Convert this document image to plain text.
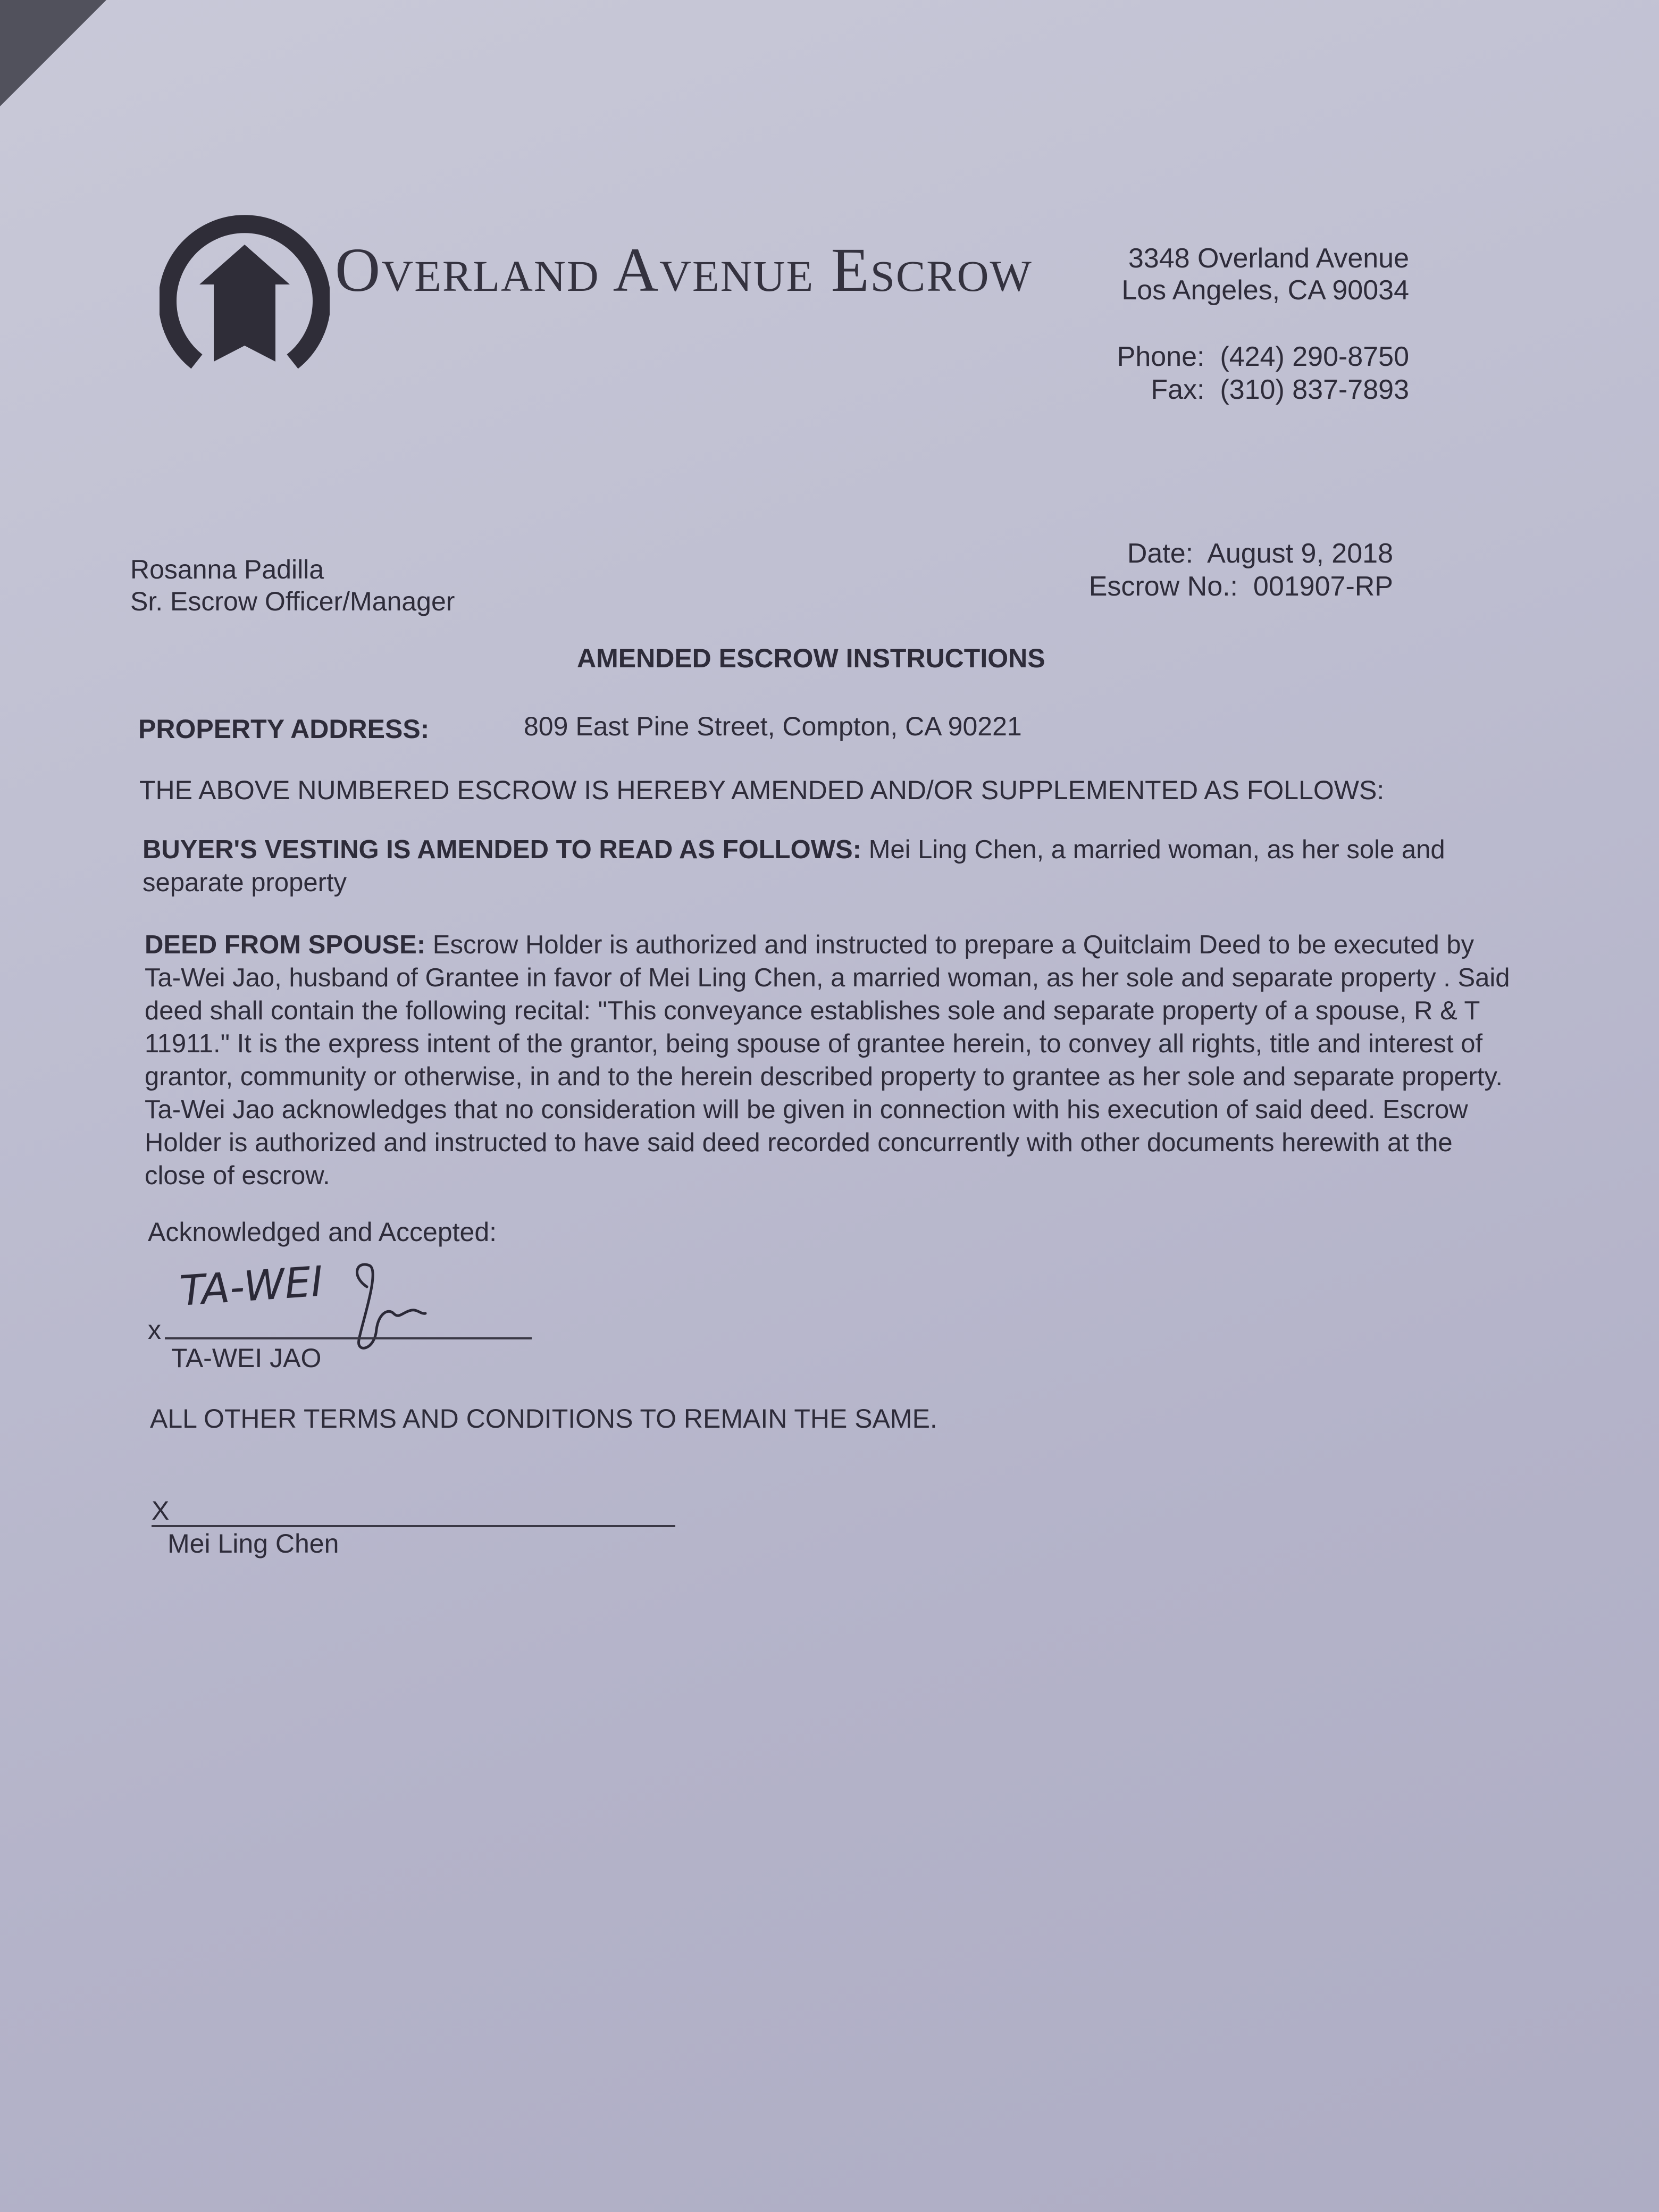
Overland Avenue Escrow	3348 Overland Avenue
Los Angeles, CA 90034
Phone: (424) 290-8750
Fax: (310) 837-7893
Rosanna Padilla
Sr. Escrow Officer/Manager
Date: August 9, 2018
Escrow No.: 001907-RP
AMENDED ESCROW INSTRUCTIONS
PROPERTY ADDRESS:	809 East Pine Street, Compton, CA 90221
THE ABOVE NUMBERED ESCROW IS HEREBY AMENDED AND/OR SUPPLEMENTED AS FOLLOWS:
BUYER'S VESTING IS AMENDED TO READ AS FOLLOWS: Mei Ling Chen, a married woman, as her sole and separate property
DEED FROM SPOUSE: Escrow Holder is authorized and instructed to prepare a Quitclaim Deed to be executed by Ta-Wei Jao, husband of Grantee in favor of Mei Ling Chen, a married woman, as her sole and separate property . Said deed shall contain the following recital: "This conveyance establishes sole and separate property of a spouse, R & T 11911." It is the express intent of the grantor, being spouse of grantee herein, to convey all rights, title and interest of grantor, community or otherwise, in and to the herein described property to grantee as her sole and separate property. Ta-Wei Jao acknowledges that no consideration will be given in connection with his execution of said deed. Escrow Holder is authorized and instructed to have said deed recorded concurrently with other documents herewith at the close of escrow.
Acknowledged and Accepted:
TA-WEI
x
TA-WEI JAO
ALL OTHER TERMS AND CONDITIONS TO REMAIN THE SAME.
X
Mei Ling Chen
